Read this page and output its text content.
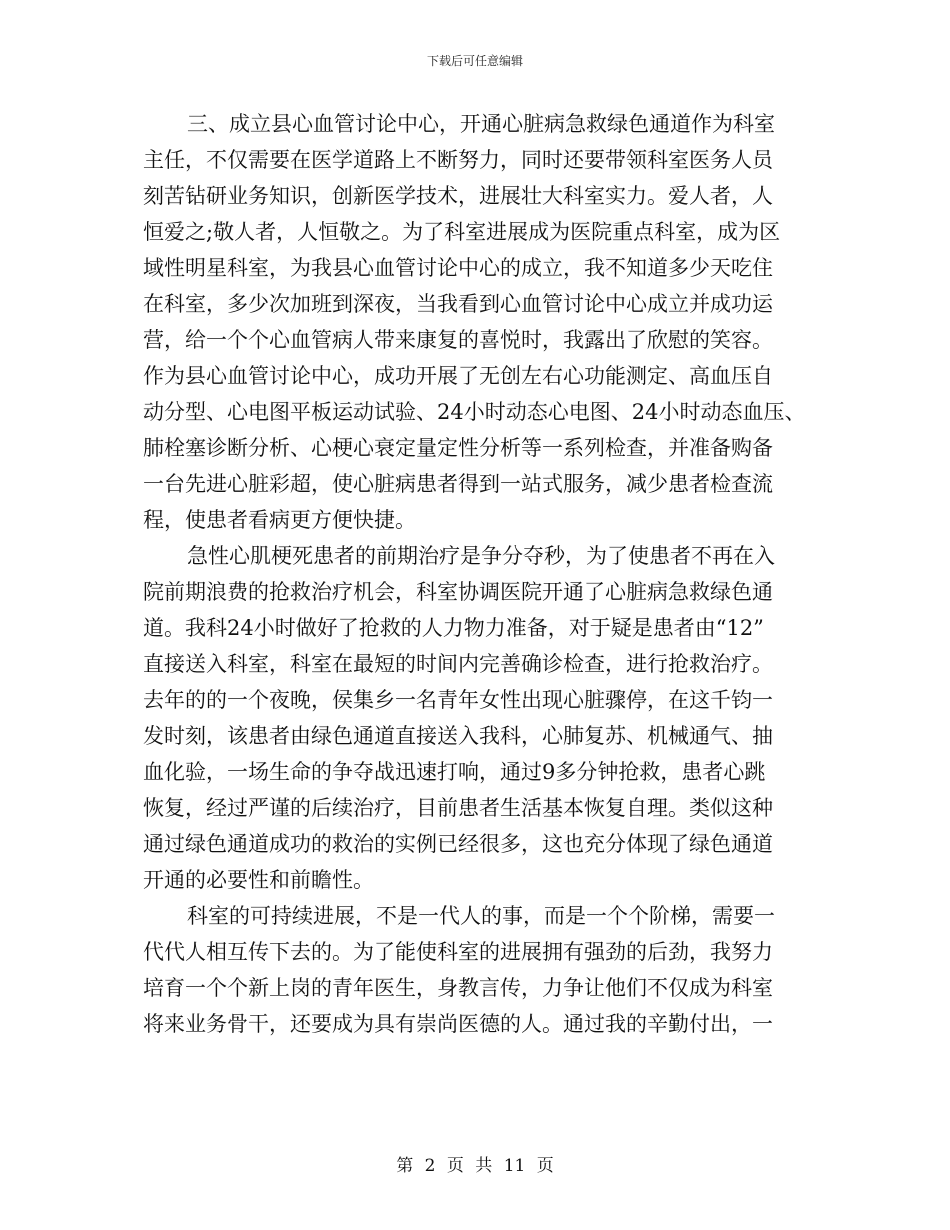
下载后可任意编辑
三、成立县心血管讨论中心，开通心脏病急救绿色通道作为科室
主任，不仅需要在医学道路上不断努力，同时还要带领科室医务人员
刻苦钻研业务知识，创新医学技术，进展壮大科室实力。爱人者，人
恒爱之;敬人者，人恒敬之。为了科室进展成为医院重点科室，成为区
域性明星科室，为我县心血管讨论中心的成立，我不知道多少天吃住
在科室，多少次加班到深夜，当我看到心血管讨论中心成立并成功运
营，给一个个心血管病人带来康复的喜悦时，我露出了欣慰的笑容。
作为县心血管讨论中心，成功开展了无创左右心功能测定、高血压自
动分型、心电图平板运动试验、24小时动态心电图、24小时动态血压、
肺栓塞诊断分析、心梗心衰定量定性分析等一系列检查，并准备购备
一台先进心脏彩超，使心脏病患者得到一站式服务，减少患者检查流
程，使患者看病更方便快捷。
急性心肌梗死患者的前期治疗是争分夺秒，为了使患者不再在入
院前期浪费的抢救治疗机会，科室协调医院开通了心脏病急救绿色通
道。我科24小时做好了抢救的人力物力准备，对于疑是患者由“12”
直接送入科室，科室在最短的时间内完善确诊检查，进行抢救治疗。
去年的的一个夜晚，侯集乡一名青年女性出现心脏骤停，在这千钧一
发时刻，该患者由绿色通道直接送入我科，心肺复苏、机械通气、抽
血化验，一场生命的争夺战迅速打响，通过9多分钟抢救，患者心跳
恢复，经过严谨的后续治疗，目前患者生活基本恢复自理。类似这种
通过绿色通道成功的救治的实例已经很多，这也充分体现了绿色通道
开通的必要性和前瞻性。
科室的可持续进展，不是一代人的事，而是一个个阶梯，需要一
代代人相互传下去的。为了能使科室的进展拥有强劲的后劲，我努力
培育一个个新上岗的青年医生，身教言传，力争让他们不仅成为科室
将来业务骨干，还要成为具有崇尚医德的人。通过我的辛勤付出，一
第 2 页 共 11 页
